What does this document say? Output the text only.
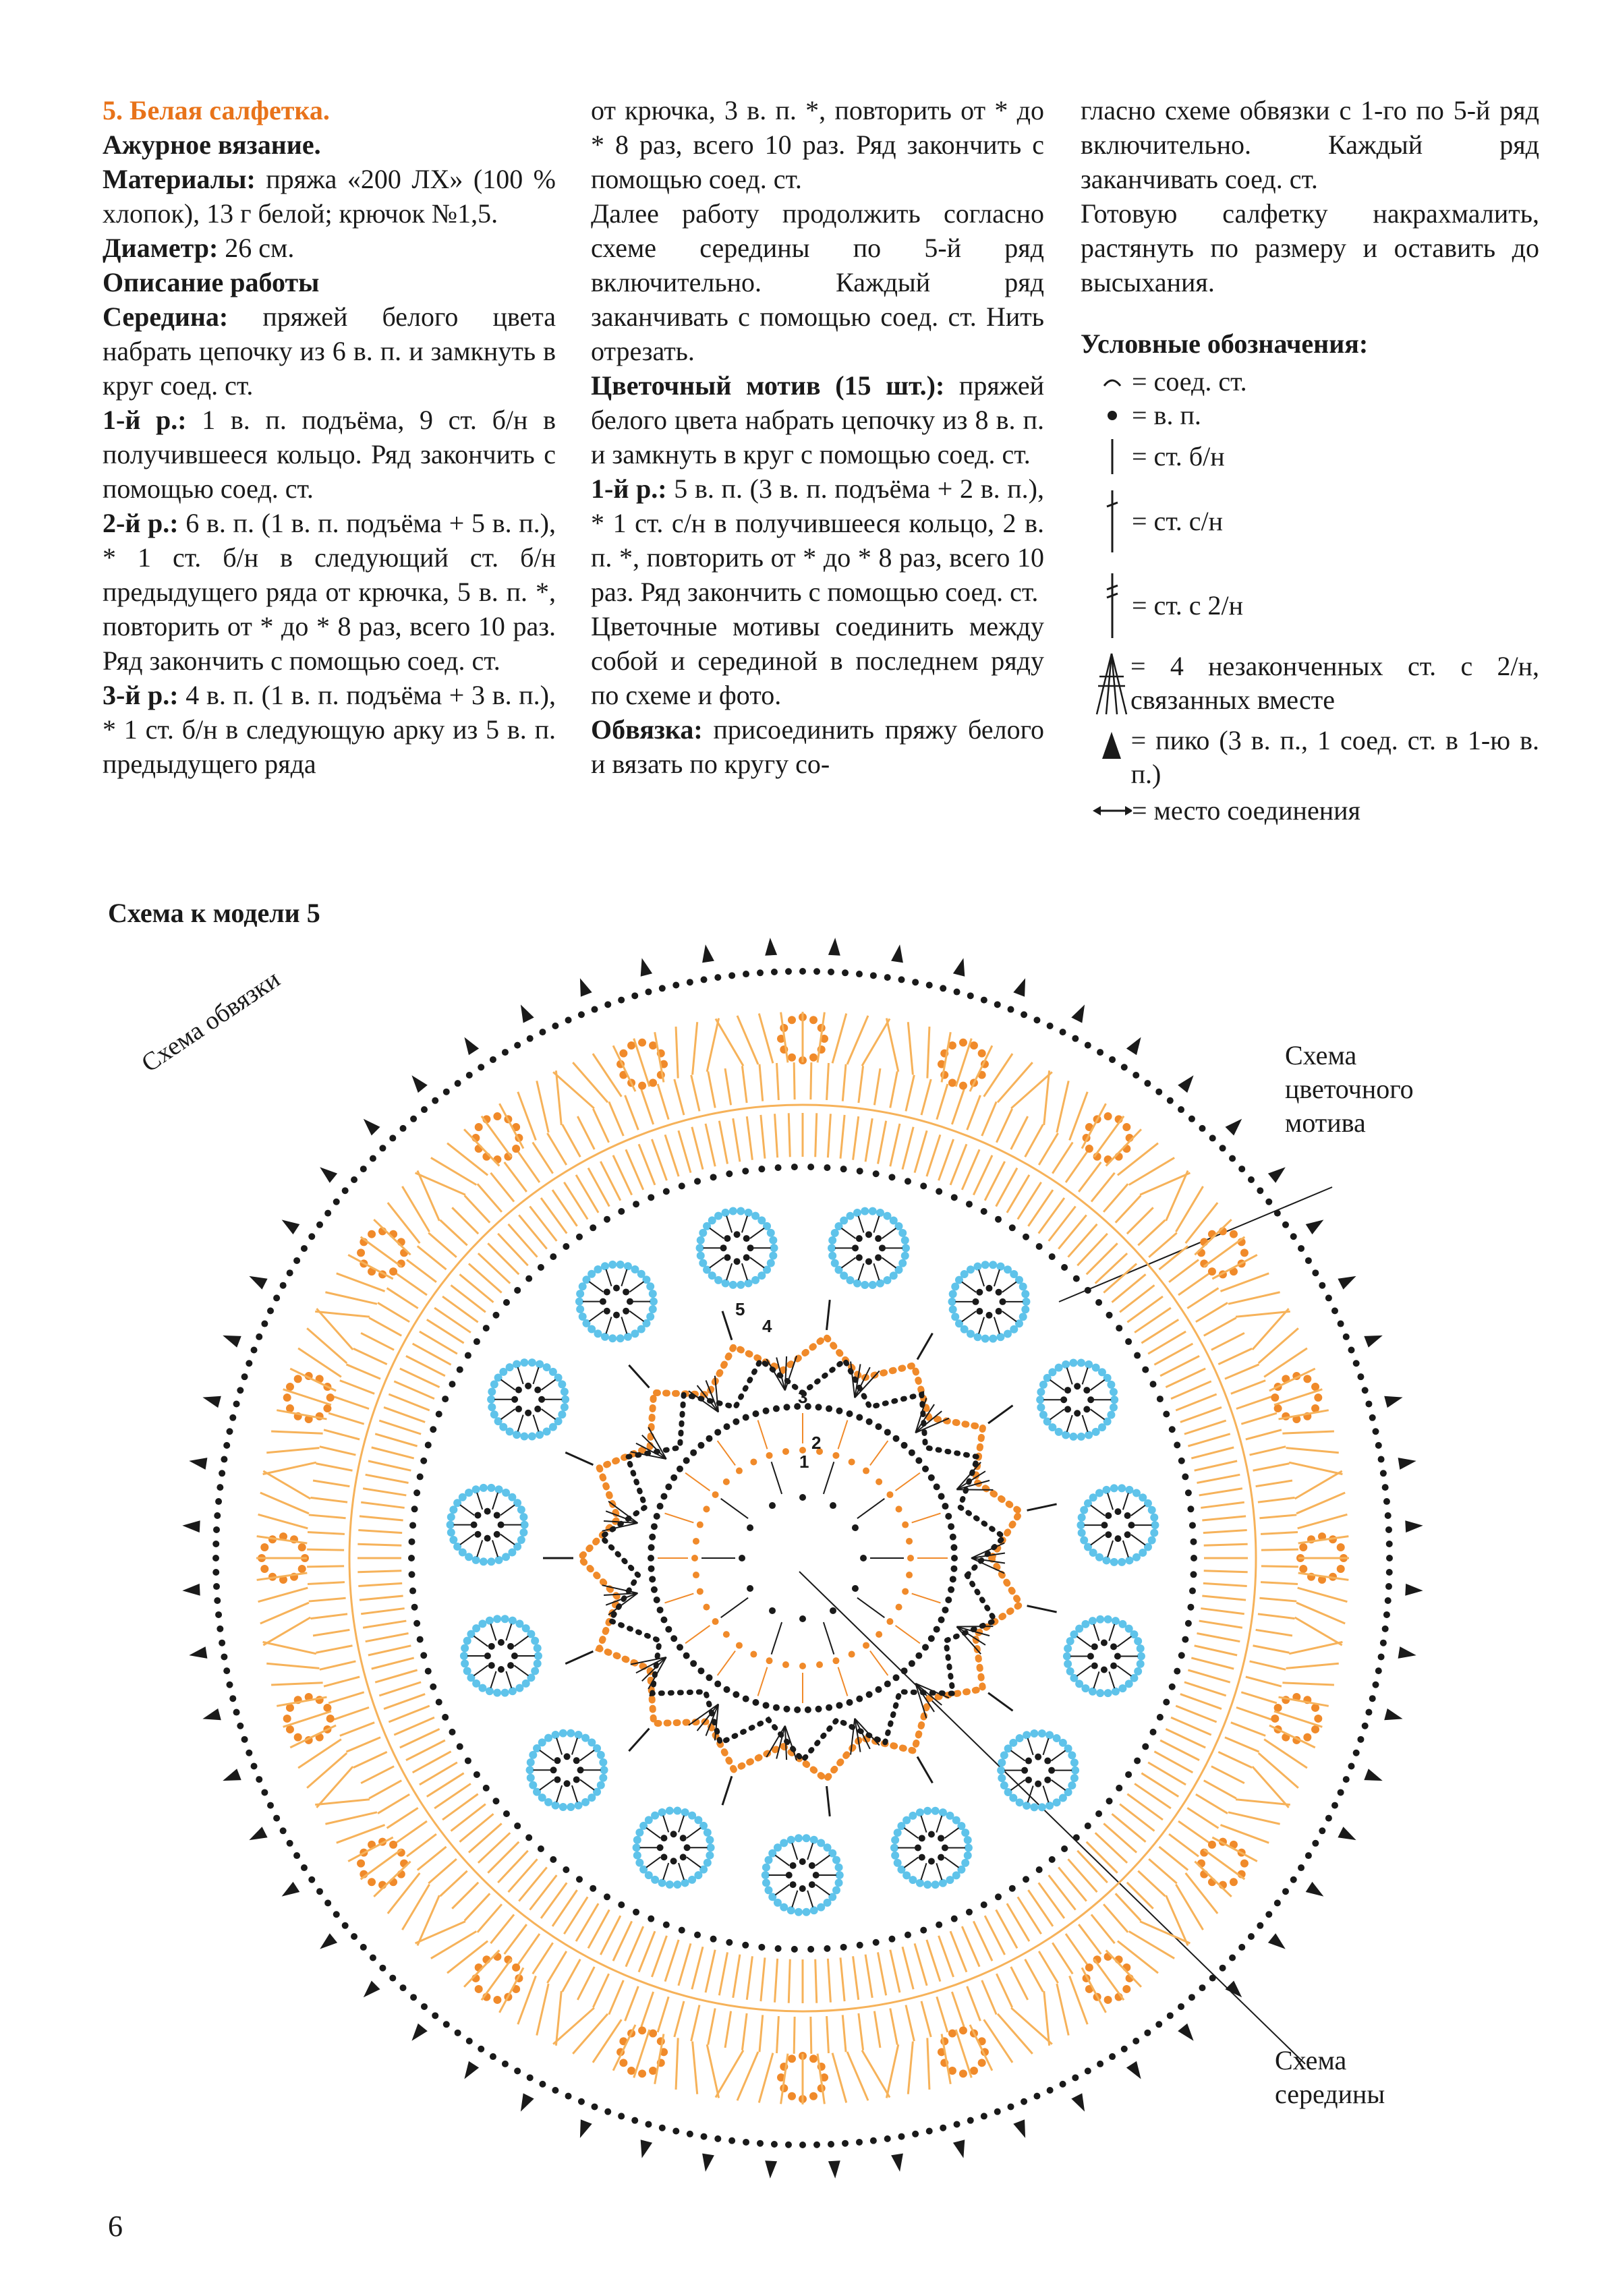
5. Белая салфетка.

Ажурное вязание.

Материалы: пряжа «200 ЛХ» (100 % хлопок), 13 г белой; крючок №1,5.

Диаметр: 26 см.

Описание работы

Середина: пряжей белого цвета набрать цепочку из 6 в. п. и замкнуть в круг соед. ст.

1-й р.: 1 в. п. подъёма, 9 ст. б/н в получившееся кольцо. Ряд закончить с помощью соед. ст.

2-й р.: 6 в. п. (1 в. п. подъёма + 5 в. п.), * 1 ст. б/н в следующий ст. б/н предыдущего ряда от крючка, 5 в. п. *, повторить от * до * 8 раз, всего 10 раз. Ряд закончить с помощью соед. ст.

3-й р.: 4 в. п. (1 в. п. подъёма + 3 в. п.), * 1 ст. б/н в следующую арку из 5 в. п. предыдущего ряда

от крючка, 3 в. п. *, повторить от * до * 8 раз, всего 10 раз. Ряд закончить с помощью соед. ст.

Далее работу продолжить согласно схеме середины по 5-й ряд включительно. Каждый ряд заканчивать с помощью соед. ст. Нить отрезать.

Цветочный мотив (15 шт.): пряжей белого цвета набрать цепочку из 8 в. п. и замкнуть в круг с помощью соед. ст.

1-й р.: 5 в. п. (3 в. п. подъёма + 2 в. п.), * 1 ст. с/н в получившееся кольцо, 2 в. п. *, повторить от * до * 8 раз, всего 10 раз. Ряд закончить с помощью соед. ст.

Цветочные мотивы соединить между собой и серединой в последнем ряду по схеме и фото.

Обвязка: присоединить пряжу белого и вязать по кругу со-

гласно схеме обвязки с 1-го по 5-й ряд включительно. Каждый ряд заканчивать соед. ст.

Готовую салфетку накрахмалить, растянуть по размеру и оставить до высыхания.

Условные обозначения:
= соед. ст.
= в. п.
= ст. б/н
= ст. с/н
= ст. с 2/н
= 4 незаконченных ст. с 2/н, связанных вместе
= пико (3 в. п., 1 соед. ст. в 1-ю в. п.)
= место соединения
Схема к модели 5
1
2
3
4
5
Схема цветочного мотива
Схема середины
Схема обвязки
6
